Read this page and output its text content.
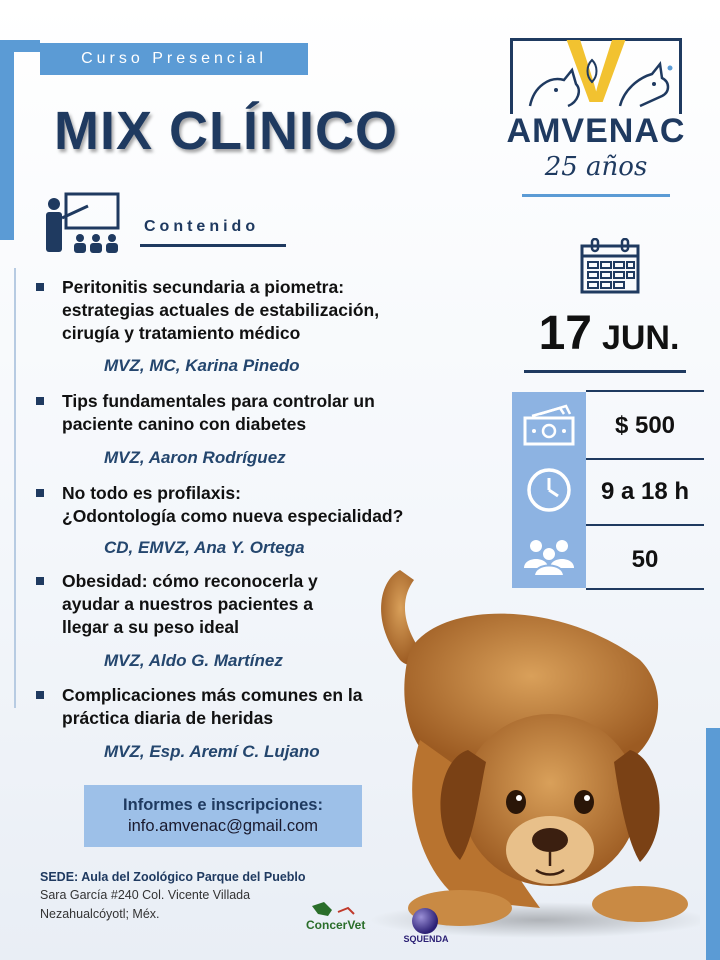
Curso Presencial
MIX CLÍNICO
V
AMVENAC
25 años
Contenido
Peritonitis secundaria a piometra:
estrategias actuales de estabilización,
cirugía y tratamiento médico
MVZ, MC, Karina Pinedo
Tips fundamentales para controlar un
paciente canino con diabetes
MVZ, Aaron Rodríguez
No todo es profilaxis:
¿Odontología como nueva especialidad?
CD, EMVZ, Ana Y. Ortega
Obesidad: cómo reconocerla y
ayudar a nuestros pacientes a
llegar a su peso ideal
MVZ, Aldo G. Martínez
Complicaciones más comunes en la
práctica diaria de heridas
MVZ, Esp. Aremí C. Lujano
17 JUN.
$ 500
9 a 18 h
50
Informes e inscripciones:
info.amvenac@gmail.com
SEDE: Aula del Zoológico Parque del Pueblo
Sara García #240 Col. Vicente Villada
Nezahualcóyotl; Méx.
ConcerVet
SQUENDA
